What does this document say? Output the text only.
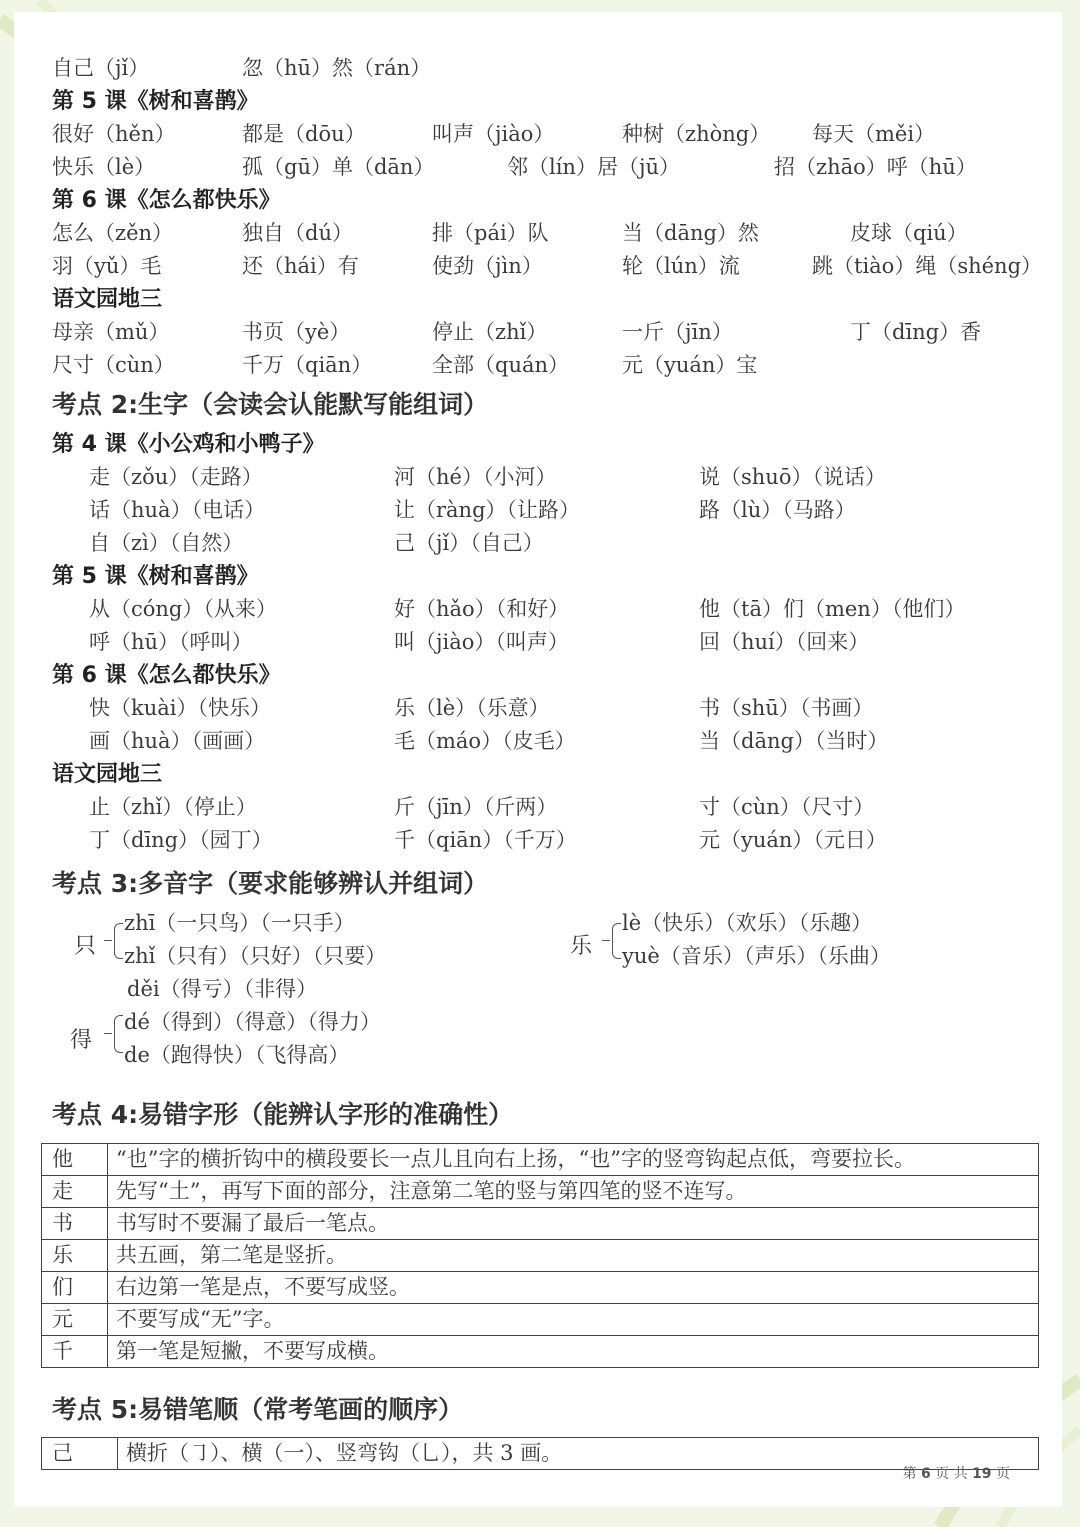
自己（jǐ）	忽（hū）然（rán）
第 5 课《树和喜鹊》
很好（hěn）	都是（dōu）	叫声（jiào）	种树（zhòng） 每天（měi）
快乐（lè）	孤（gū）单（dān）	邻（lín）居（jū）	招（zhāo）呼（hū）
第 6 课《怎么都快乐》
怎么（zěn）	独自（dú）	排（pái）队	当（dāng）然	皮球（qiú）
羽（yǔ）毛	还（hái）有	使劲（jìn）	轮（lún）流	跳（tiào）绳（shéng）
语文园地三
母亲（mǔ）	书页（yè）	停止（zhǐ）	一斤（jīn）	丁（dīng）香
尺寸（cùn）	千万（qiān）	全部（quán）	元（yuán）宝
考点 2:生字（会读会认能默写能组词）
第 4 课《小公鸡和小鸭子》
走（zǒu）（走路）	河（hé）（小河）	说（shuō）（说话）
话（huà）（电话）	让（ràng）（让路）	路（lù）（马路）
自（zì）（自然）	己（jǐ）（自己）
第 5 课《树和喜鹊》
从（cóng）（从来）	好（hǎo）（和好）	他（tā）们（men）（他们）
呼（hū）（呼叫）	叫（jiào）（叫声）	回（huí）（回来）
第 6 课《怎么都快乐》
快（kuài）（快乐）	乐（lè）（乐意）	书（shū）（书画）
画（huà）（画画）	毛（máo）（皮毛）	当（dāng）（当时）
语文园地三
止（zhǐ）（停止）	斤（jīn）（斤两）	寸（cùn）（尺寸）
丁（dīng）（园丁）	千（qiān）（千万）	元（yuán）（元日）
考点 3:多音字（要求能够辨认并组词）
只
zhī（一只鸟）（一只手）
zhǐ（只有）（只好）（只要）	乐
lè（快乐）（欢乐）（乐趣）
yuè（音乐）（声乐）（乐曲）
děi（得亏）（非得）
得
dé（得到）（得意）（得力）
de（跑得快）（飞得高）
考点 4:易错字形（能辨认字形的准确性）
他	“也”字的横折钩中的横段要长一点儿且向右上扬，“也”字的竖弯钩起点低，弯要拉长。
走	先写“土”，再写下面的部分，注意第二笔的竖与第四笔的竖不连写。
书	书写时不要漏了最后一笔点。
乐	共五画，第二笔是竖折。
们	右边第一笔是点，不要写成竖。
元	不要写成“无”字。
千	第一笔是短撇，不要写成横。
考点 5:易错笔顺（常考笔画的顺序）
己	横折（㇆）、横（一）、竖弯钩（乚），共 3 画。
第 6 页 共 19 页
